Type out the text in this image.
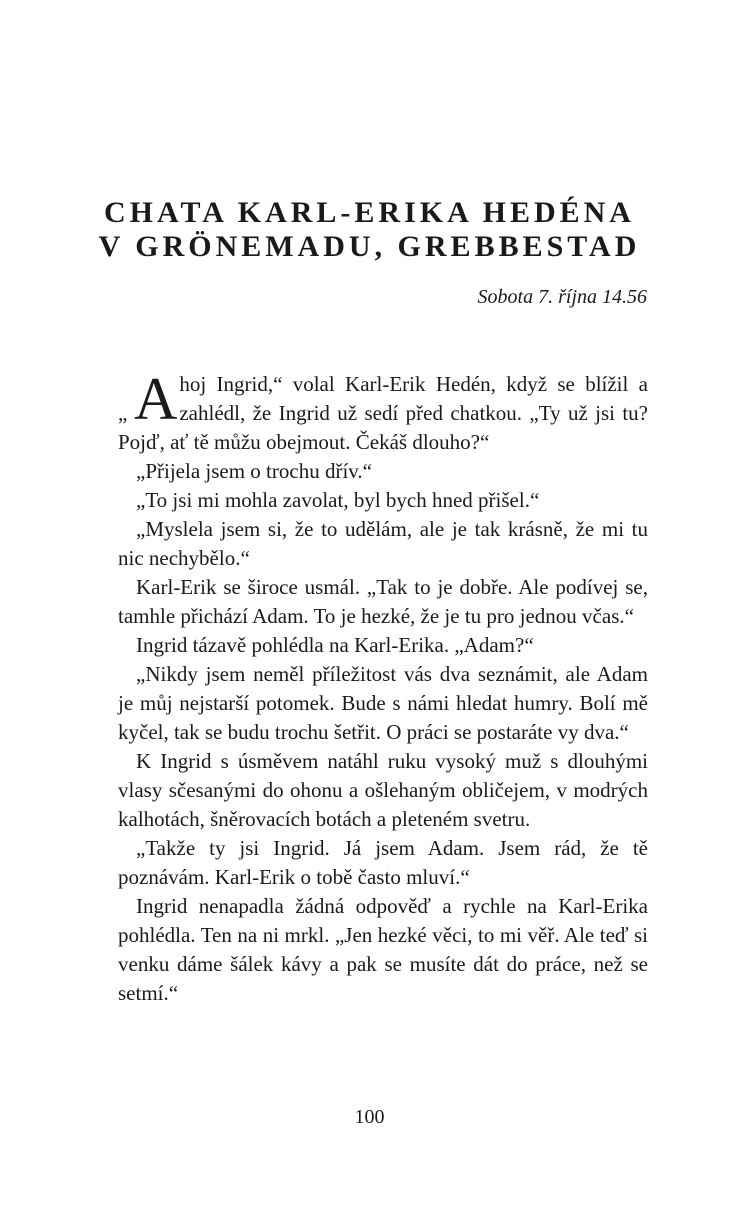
CHATA KARL-ERIKA HEDÉNA
V GRÖNEMADU, GREBBESTAD
Sobota 7. října 14.56

„ A hoj Ingrid,“ volal Karl-Erik Hedén, když se blížil a zahlédl, že Ingrid už sedí před chatkou. „Ty už jsi tu? Pojď, ať tě můžu obejmout. Čekáš dlouho?“

„Přijela jsem o trochu dřív.“

„To jsi mi mohla zavolat, byl bych hned přišel.“

„Myslela jsem si, že to udělám, ale je tak krásně, že mi tu nic nechybělo.“

Karl-Erik se široce usmál. „Tak to je dobře. Ale podívej se, tamhle přichází Adam. To je hezké, že je tu pro jednou včas.“

Ingrid tázavě pohlédla na Karl-Erika. „Adam?“

„Nikdy jsem neměl příležitost vás dva seznámit, ale Adam je můj nejstarší potomek. Bude s námi hledat humry. Bolí mě kyčel, tak se budu trochu šetřit. O práci se postaráte vy dva.“

K Ingrid s úsměvem natáhl ruku vysoký muž s dlouhými vlasy sčesanými do ohonu a ošlehaným obličejem, v modrých kalhotách, šněrovacích botách a pleteném svetru.

„Takže ty jsi Ingrid. Já jsem Adam. Jsem rád, že tě poznávám. Karl-Erik o tobě často mluví.“

Ingrid nenapadla žádná odpověď a rychle na Karl-Erika pohlédla. Ten na ni mrkl. „Jen hezké věci, to mi věř. Ale teď si venku dáme šálek kávy a pak se musíte dát do práce, než se setmí.“

100
